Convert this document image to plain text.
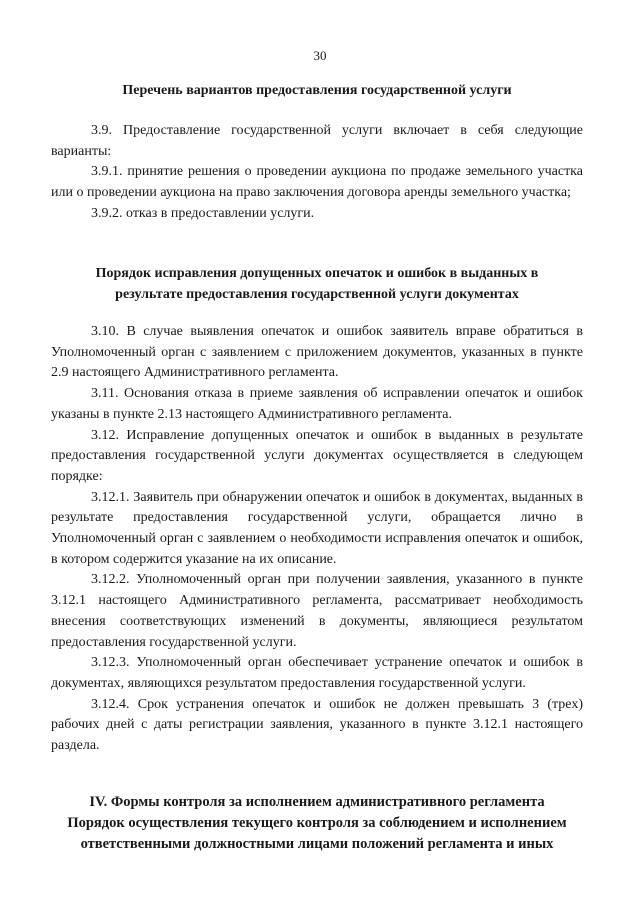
30

Перечень вариантов предоставления государственной услуги

3.9. Предоставление государственной услуги включает в себя следующие варианты:

3.9.1. принятие решения о проведении аукциона по продаже земельного участка или о проведении аукциона на право заключения договора аренды земельного участка;

3.9.2. отказ в предоставлении услуги.

Порядок исправления допущенных опечаток и ошибок в выданных в

результате предоставления государственной услуги документах

3.10. В случае выявления опечаток и ошибок заявитель вправе обратиться в Уполномоченный орган с заявлением с приложением документов, указанных в пункте 2.9 настоящего Административного регламента.

3.11. Основания отказа в приеме заявления об исправлении опечаток и ошибок указаны в пункте 2.13 настоящего Административного регламента.

3.12. Исправление допущенных опечаток и ошибок в выданных в результате предоставления государственной услуги документах осуществляется в следующем порядке:

3.12.1. Заявитель при обнаружении опечаток и ошибок в документах, выданных в результате предоставления государственной услуги, обращается лично в Уполномоченный орган с заявлением о необходимости исправления опечаток и ошибок, в котором содержится указание на их описание.

3.12.2. Уполномоченный орган при получении заявления, указанного в пункте 3.12.1 настоящего Административного регламента, рассматривает необходимость внесения соответствующих изменений в документы, являющиеся результатом предоставления государственной услуги.

3.12.3. Уполномоченный орган обеспечивает устранение опечаток и ошибок в документах, являющихся результатом предоставления государственной услуги.

3.12.4. Срок устранения опечаток и ошибок не должен превышать 3 (трех) рабочих дней с даты регистрации заявления, указанного в пункте 3.12.1 настоящего раздела.

IV. Формы контроля за исполнением административного регламента

Порядок осуществления текущего контроля за соблюдением и исполнением

ответственными должностными лицами положений регламента и иных
